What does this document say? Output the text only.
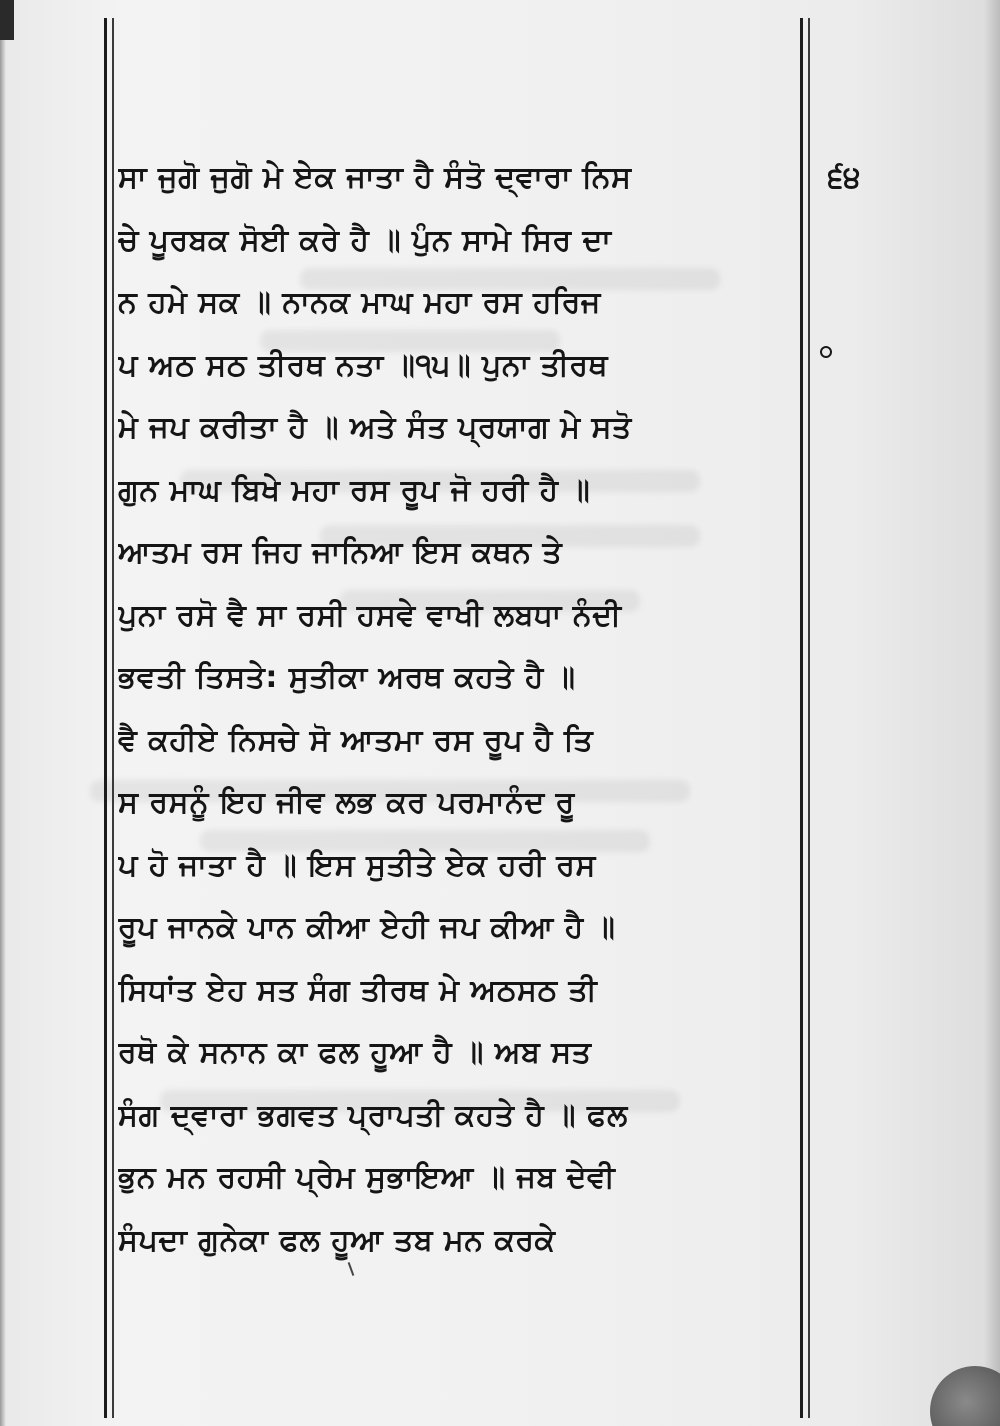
੬੪
ਸਾ ਜੁਗੋ ਜੁਗੋ ਮੇ ਏਕ ਜਾਤਾ ਹੈ ਸੰਤੋ ਦ੍ਵਾਰਾ ਨਿਸ
ਚੇ ਪੂਰਬਕ ਸੋਈ ਕਰੇ ਹੈ ॥ ਪੁੰਨ ਸਾਮੇ ਸਿਰ ਦਾ
ਨ ਹਮੇ ਸਕ ॥ ਨਾਨਕ ਮਾਘ ਮਹਾ ਰਸ ਹਰਿਜ
ਪ ਅਠ ਸਠ ਤੀਰਥ ਨਤਾ ॥੧੫॥ ਪੁਨਾ ਤੀਰਥ
ਮੇ ਜਪ ਕਰੀਤਾ ਹੈ ॥ ਅਤੇ ਸੰਤ ਪ੍ਰਯਾਗ ਮੇ ਸਤੋ
ਗੁਨ ਮਾਘ ਬਿਖੇ ਮਹਾ ਰਸ ਰੂਪ ਜੋ ਹਰੀ ਹੈ ॥
ਆਤਮ ਰਸ ਜਿਹ ਜਾਨਿਆ ਇਸ ਕਥਨ ਤੇ
ਪੁਨਾ ਰਸੋ ਵੈ ਸਾ ਰਸੀ ਹਸਵੇ ਵਾਖੀ ਲਬਧਾ ਨੰਦੀ
ਭਵਤੀ ਤਿਸਤੇ: ਸੁਤੀਕਾ ਅਰਥ ਕਹਤੇ ਹੈ ॥
ਵੈ ਕਹੀਏ ਨਿਸਚੇ ਸੋ ਆਤਮਾ ਰਸ ਰੂਪ ਹੈ ਤਿ
ਸ ਰਸਨੂੰ ਇਹ ਜੀਵ ਲਭ ਕਰ ਪਰਮਾਨੰਦ ਰੂ
ਪ ਹੋ ਜਾਤਾ ਹੈ ॥ ਇਸ ਸੁਤੀਤੇ ਏਕ ਹਰੀ ਰਸ
ਰੂਪ ਜਾਨਕੇ ਪਾਨ ਕੀਆ ਏਹੀ ਜਪ ਕੀਆ ਹੈ ॥
ਸਿਧਾਂਤ ਏਹ ਸਤ ਸੰਗ ਤੀਰਥ ਮੇ ਅਠਸਠ ਤੀ
ਰਥੋ ਕੇ ਸਨਾਨ ਕਾ ਫਲ ਹੂਆ ਹੈ ॥ ਅਬ ਸਤ
ਸੰਗ ਦ੍ਵਾਰਾ ਭਗਵਤ ਪ੍ਰਾਪਤੀ ਕਹਤੇ ਹੈ ॥ ਫਲ
ਭੁਨ ਮਨ ਰਹਸੀ ਪ੍ਰੇਮ ਸੁਭਾਇਆ ॥ ਜਬ ਦੇਵੀ
ਸੰਪਦਾ ਗੁਨੇਕਾ ਫਲ ਹੂਆ ਤਬ ਮਨ ਕਰਕੇ
